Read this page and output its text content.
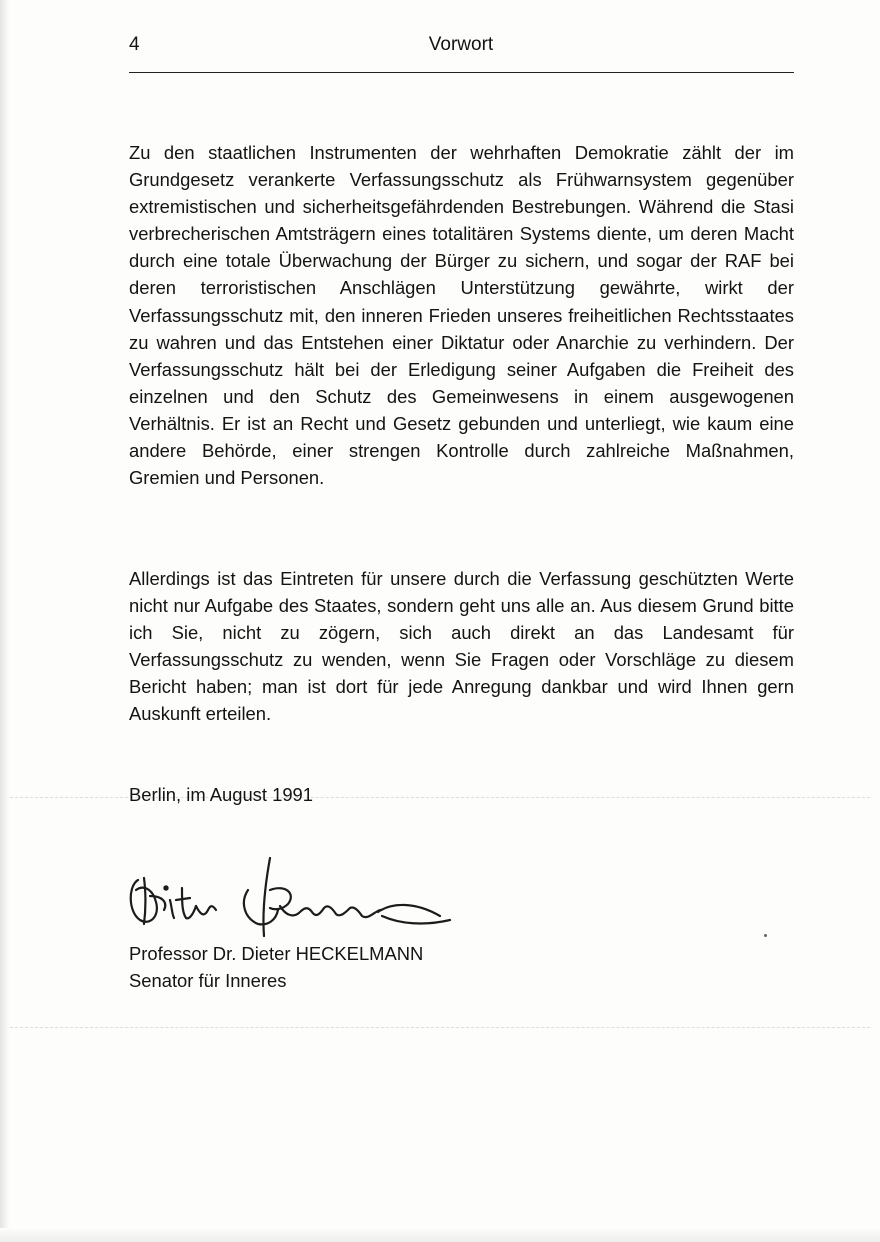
4	Vorwort

Zu den staatlichen Instrumenten der wehrhaften Demokratie zählt der im Grundgesetz verankerte Verfassungsschutz als Frühwarnsystem gegenüber extremistischen und sicherheitsgefährdenden Bestrebungen. Während die Stasi verbrecherischen Amtsträgern eines totalitären Systems diente, um deren Macht durch eine totale Überwachung der Bürger zu sichern, und sogar der RAF bei deren terroristischen Anschlägen Unterstützung gewährte, wirkt der Verfassungsschutz mit, den inneren Frieden unseres freiheitlichen Rechtsstaates zu wahren und das Entstehen einer Diktatur oder Anarchie zu verhindern. Der Verfassungsschutz hält bei der Erledigung seiner Aufgaben die Freiheit des einzelnen und den Schutz des Gemeinwesens in einem ausgewogenen Verhältnis. Er ist an Recht und Gesetz gebunden und unterliegt, wie kaum eine andere Behörde, einer strengen Kontrolle durch zahlreiche Maßnahmen, Gremien und Personen.

Allerdings ist das Eintreten für unsere durch die Verfassung geschützten Werte nicht nur Aufgabe des Staates, sondern geht uns alle an. Aus diesem Grund bitte ich Sie, nicht zu zögern, sich auch direkt an das Landesamt für Verfassungsschutz zu wenden, wenn Sie Fragen oder Vorschläge zu diesem Bericht haben; man ist dort für jede Anregung dankbar und wird Ihnen gern Auskunft erteilen.

Berlin, im August 1991
Professor Dr. Dieter HECKELMANN
Senator für Inneres
